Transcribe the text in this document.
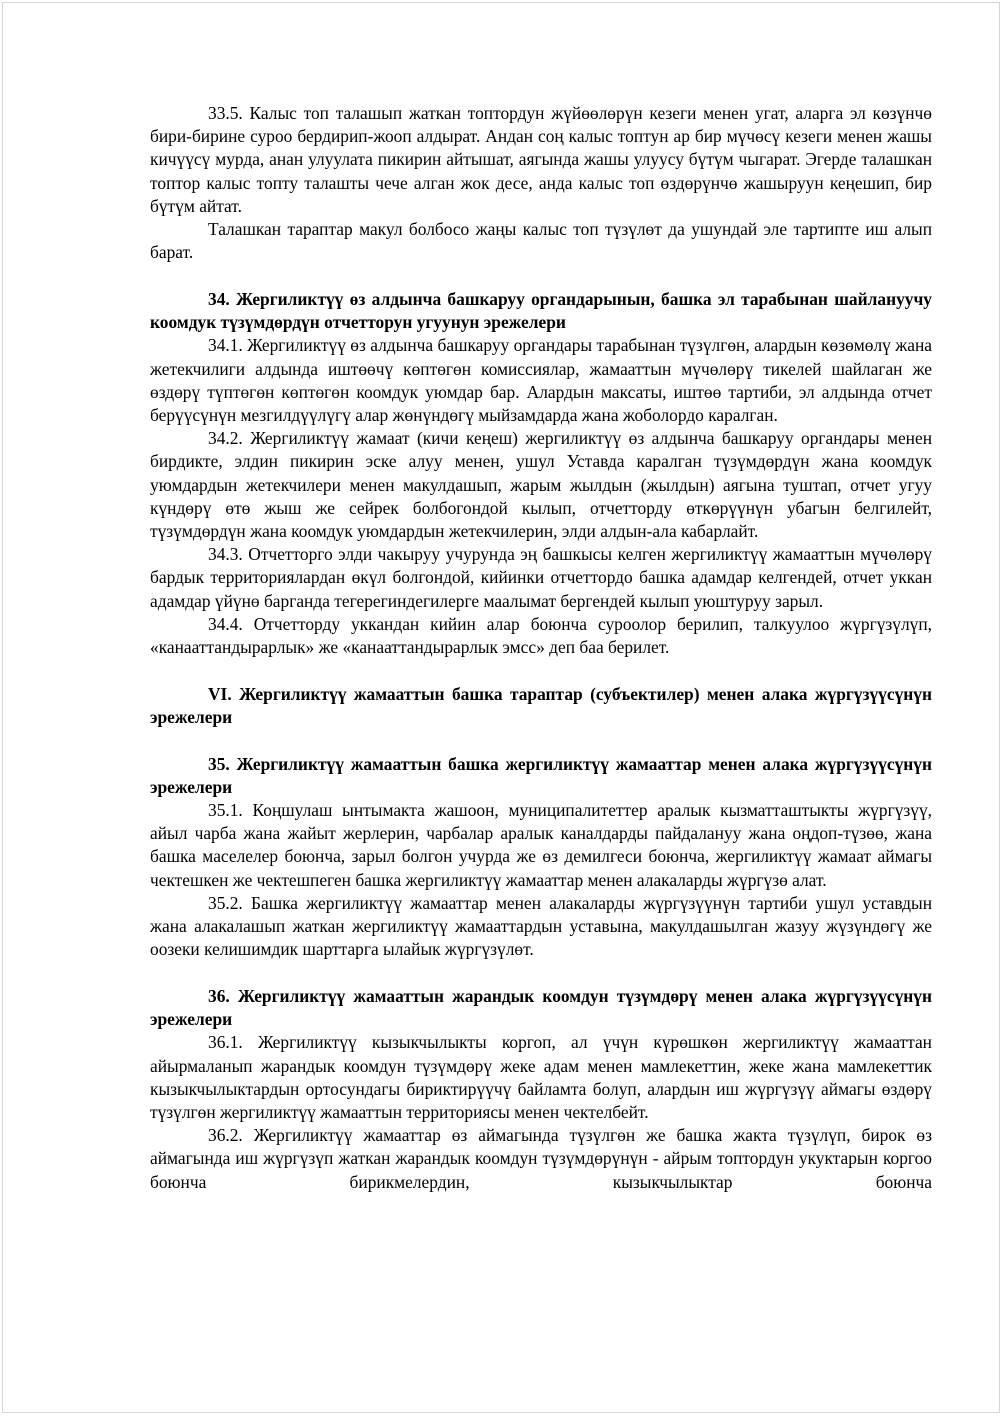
33.5. Калыс топ талашып жаткан топтордун жүйөөлөрүн кезеги менен угат, аларга эл көзүнчө бири-бирине суроо бердирип-жооп алдырат. Андан соң калыс топтун ар бир мүчөсү кезеги менен жашы кичүүсү мурда, анан улуулата пикирин айтышат, аягында жашы улуусу бүтүм чыгарат. Эгерде талашкан топтор калыс топту талашты чече алган жок десе, анда калыс топ өздөрүнчө жашыруун кеңешип, бир бүтүм айтат.

Талашкан тараптар макул болбосо жаңы калыс топ түзүлөт да ушундай эле тартипте иш алып барат.

34. Жергиликтүү өз алдынча башкаруу органдарынын, башка эл тарабынан шайлануучу коомдук түзүмдөрдүн отчетторун угуунун эрежелери

34.1. Жергиликтүү өз алдынча башкаруу органдары тарабынан түзүлгөн, алардын көзөмөлү жана жетекчилиги алдында иштөөчү көптөгөн комиссиялар, жамааттын мүчөлөрү тикелей шайлаган же өздөрү түптөгөн көптөгөн коомдук уюмдар бар. Алардын максаты, иштөө тартиби, эл алдында отчет берүүсүнүн мезгилдүүлүгү алар жөнүндөгү мыйзамдарда жана жоболордо каралган.

34.2. Жергиликтүү жамаат (кичи кеңеш) жергиликтүү өз алдынча башкаруу органдары менен бирдикте, элдин пикирин эске алуу менен, ушул Уставда каралган түзүмдөрдүн жана коомдук уюмдардын жетекчилери менен макулдашып, жарым жылдын (жылдын) аягына туштап, отчет угуу күндөрү өтө жыш же сейрек болбогондой кылып, отчетторду өткөрүүнүн убагын белгилейт, түзүмдөрдүн жана коомдук уюмдардын жетекчилерин, элди алдын-ала кабарлайт.

34.3. Отчетторго элди чакыруу учурунда эң башкысы келген жергиликтүү жамааттын мүчөлөрү бардык территориялардан өкүл болгондой, кийинки отчеттордо башка адамдар келгендей, отчет уккан адамдар үйүнө барганда тегерегиндегилерге маалымат бергендей кылып уюштуруу зарыл.

34.4. Отчетторду уккандан кийин алар боюнча суроолор берилип, талкуулоо жүргүзүлүп, «канааттандырарлык» же «канааттандырарлык эмсс» деп баа берилет.

VI. Жергиликтүү жамааттын башка тараптар (субъектилер) менен алака жүргүзүүсүнүн эрежелери

35. Жергиликтүү жамааттын башка жергиликтүү жамааттар менен алака жүргүзүүсүнүн эрежелери

35.1. Коңшулаш ынтымакта жашоон, муниципалитеттер аралык кызматташтыкты жүргүзүү, айыл чарба жана жайыт жерлерин, чарбалар аралык каналдарды пайдалануу жана оңдоп-түзөө, жана башка маселелер боюнча, зарыл болгон учурда же өз демилгеси боюнча, жергиликтүү жамаат аймагы чектешкен же чектешпеген башка жергиликтүү жамааттар менен алакаларды жүргүзө алат.

35.2. Башка жергиликтүү жамааттар менен алакаларды жүргүзүүнүн тартиби ушул уставдын жана алакалашып жаткан жергиликтүү жамааттардын уставына, макулдашылган жазуу жүзүндөгү же оозеки келишимдик шарттарга ылайык жүргүзүлөт.

36. Жергиликтүү жамааттын жарандык коомдун түзүмдөрү менен алака жүргүзүүсүнүн эрежелери

36.1. Жергиликтүү кызыкчылыкты коргоп, ал үчүн күрөшкөн жергиликтүү жамааттан айырмаланып жарандык коомдун түзүмдөрү жеке адам менен мамлекеттин, жеке жана мамлекеттик кызыкчылыктардын ортосундагы бириктирүүчү байламта болуп, алардын иш жүргүзүү аймагы өздөрү түзүлгөн жергиликтүү жамааттын территориясы менен чектелбейт.

36.2. Жергиликтүү жамааттар өз аймагында түзүлгөн же башка жакта түзүлүп, бирок өз аймагында иш жүргүзүп жаткан жарандык коомдун түзүмдөрүнүн - айрым топтордун укуктарын коргоо боюнча бирикмелердин, кызыкчылыктар боюнча
